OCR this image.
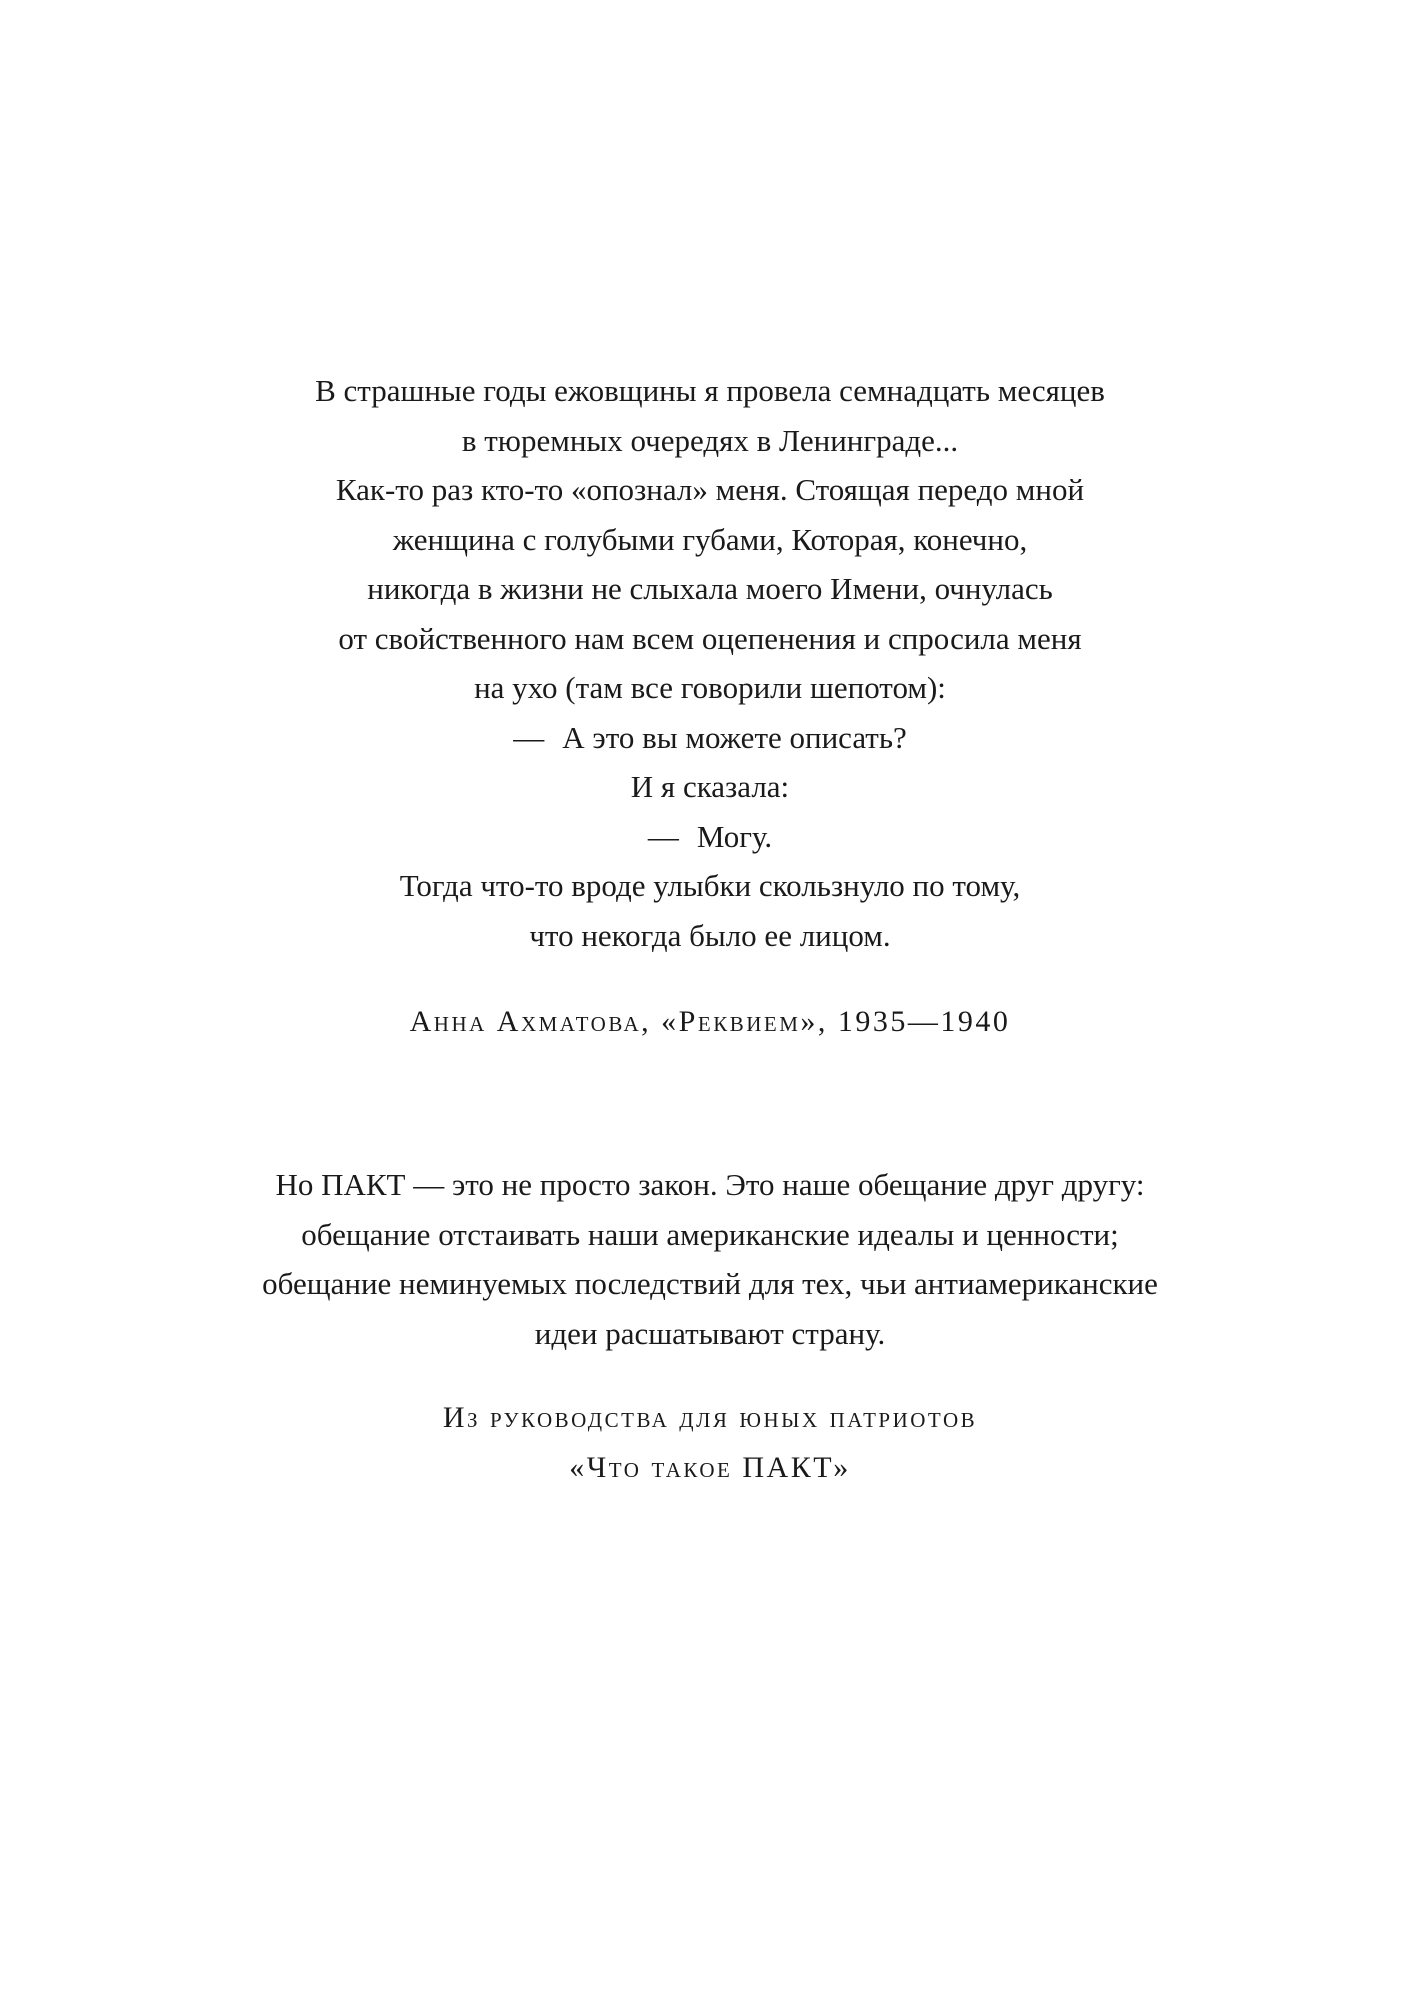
В страшные годы ежовщины я провела семнадцать месяцев
в тюремных очередях в Ленинграде...
Как-то раз кто-то «опознал» меня. Стоящая передо мной
женщина с голубыми губами, Которая, конечно,
никогда в жизни не слыхала моего Имени, очнулась
от свойственного нам всем оцепенения и спросила меня
на ухо (там все говорили шепотом):
— А это вы можете описать?
И я сказала:
— Могу.
Тогда что-то вроде улыбки скользнуло по тому,
что некогда было ее лицом.
Анна Ахматова, «Реквием», 1935—1940
Но ПАКТ — это не просто закон. Это наше обещание друг другу:
обещание отстаивать наши американские идеалы и ценности;
обещание неминуемых последствий для тех, чьи антиамериканские
идеи расшатывают страну.
Из руководства для юных патриотов
«Что такое ПАКТ»
